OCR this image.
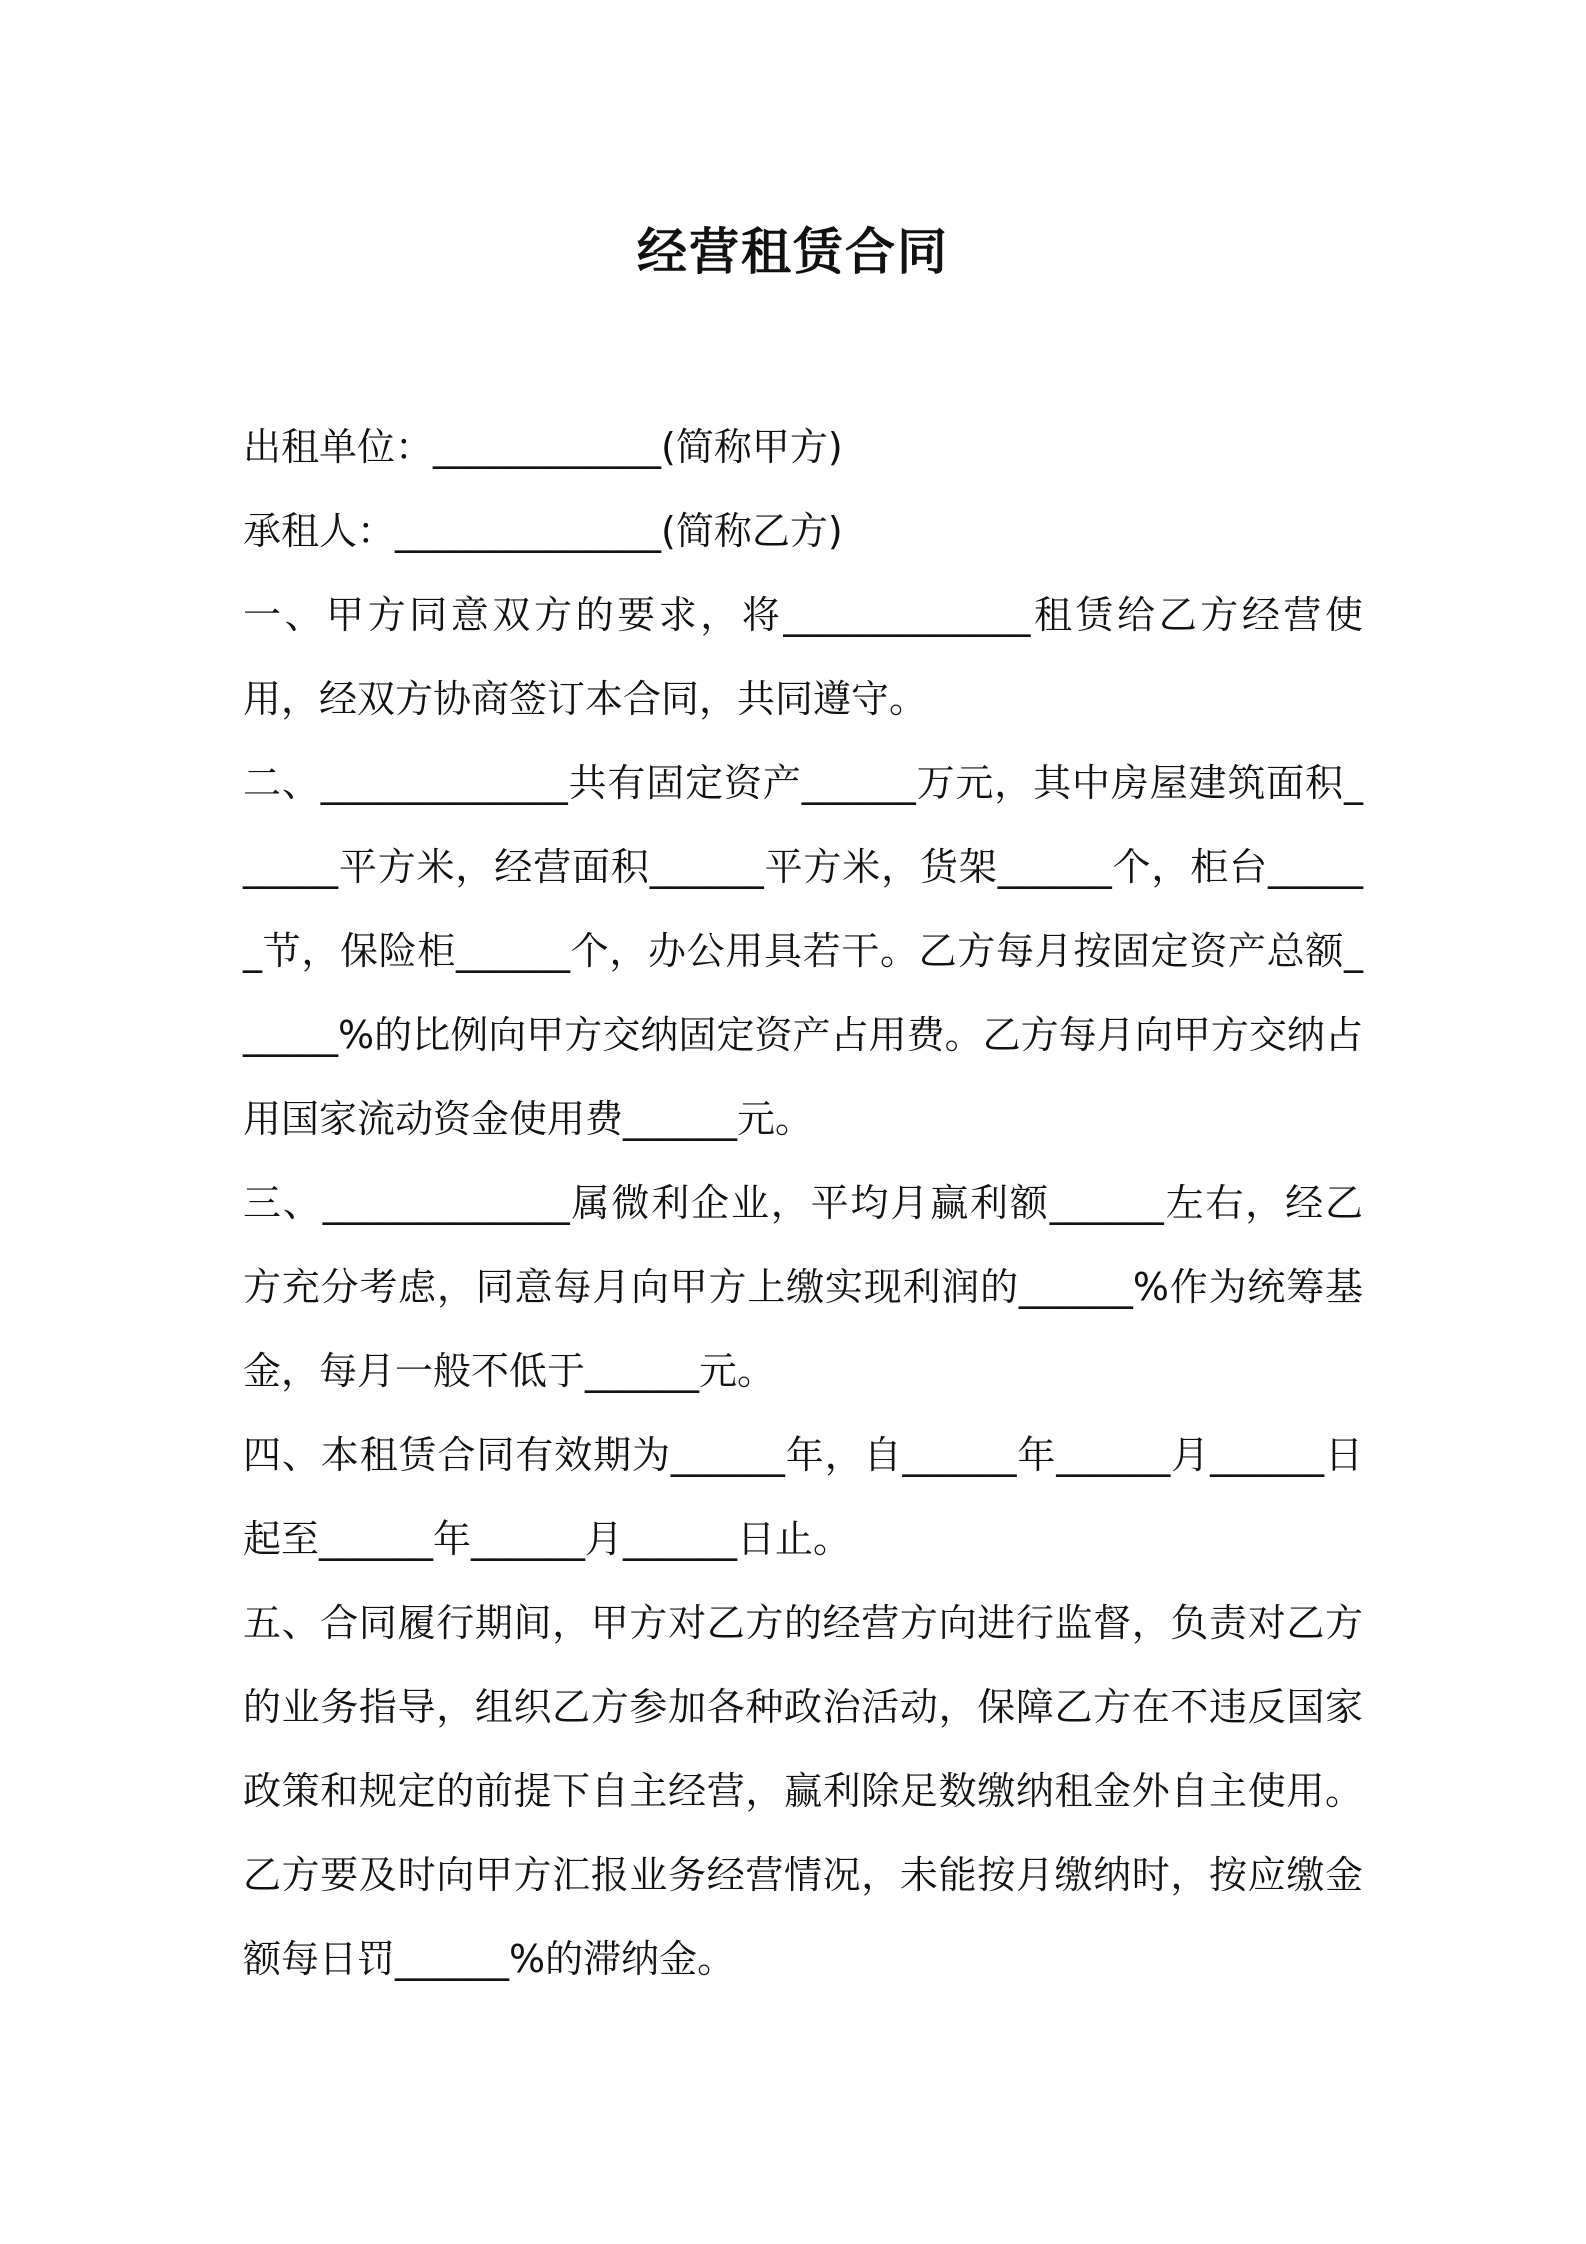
经营租赁合同

出租单位：____________(简称甲方)

承租人：______________(简称乙方)

一、甲方同意双方的要求，将_____________租赁给乙方经营使用，经双方协商签订本合同，共同遵守。

二、_____________共有固定资产______万元，其中房屋建筑面积______平方米，经营面积______平方米，货架______个，柜台______节，保险柜______个，办公用具若干。乙方每月按固定资产总额______%的比例向甲方交纳固定资产占用费。乙方每月向甲方交纳占用国家流动资金使用费______元。

三、_____________属微利企业，平均月赢利额______左右，经乙方充分考虑，同意每月向甲方上缴实现利润的______%作为统筹基金，每月一般不低于______元。

四、本租赁合同有效期为______年，自______年______月______日起至______年______月______日止。

五、合同履行期间，甲方对乙方的经营方向进行监督，负责对乙方的业务指导，组织乙方参加各种政治活动，保障乙方在不违反国家政策和规定的前提下自主经营，赢利除足数缴纳租金外自主使用。乙方要及时向甲方汇报业务经营情况，未能按月缴纳时，按应缴金额每日罚______%的滞纳金。
